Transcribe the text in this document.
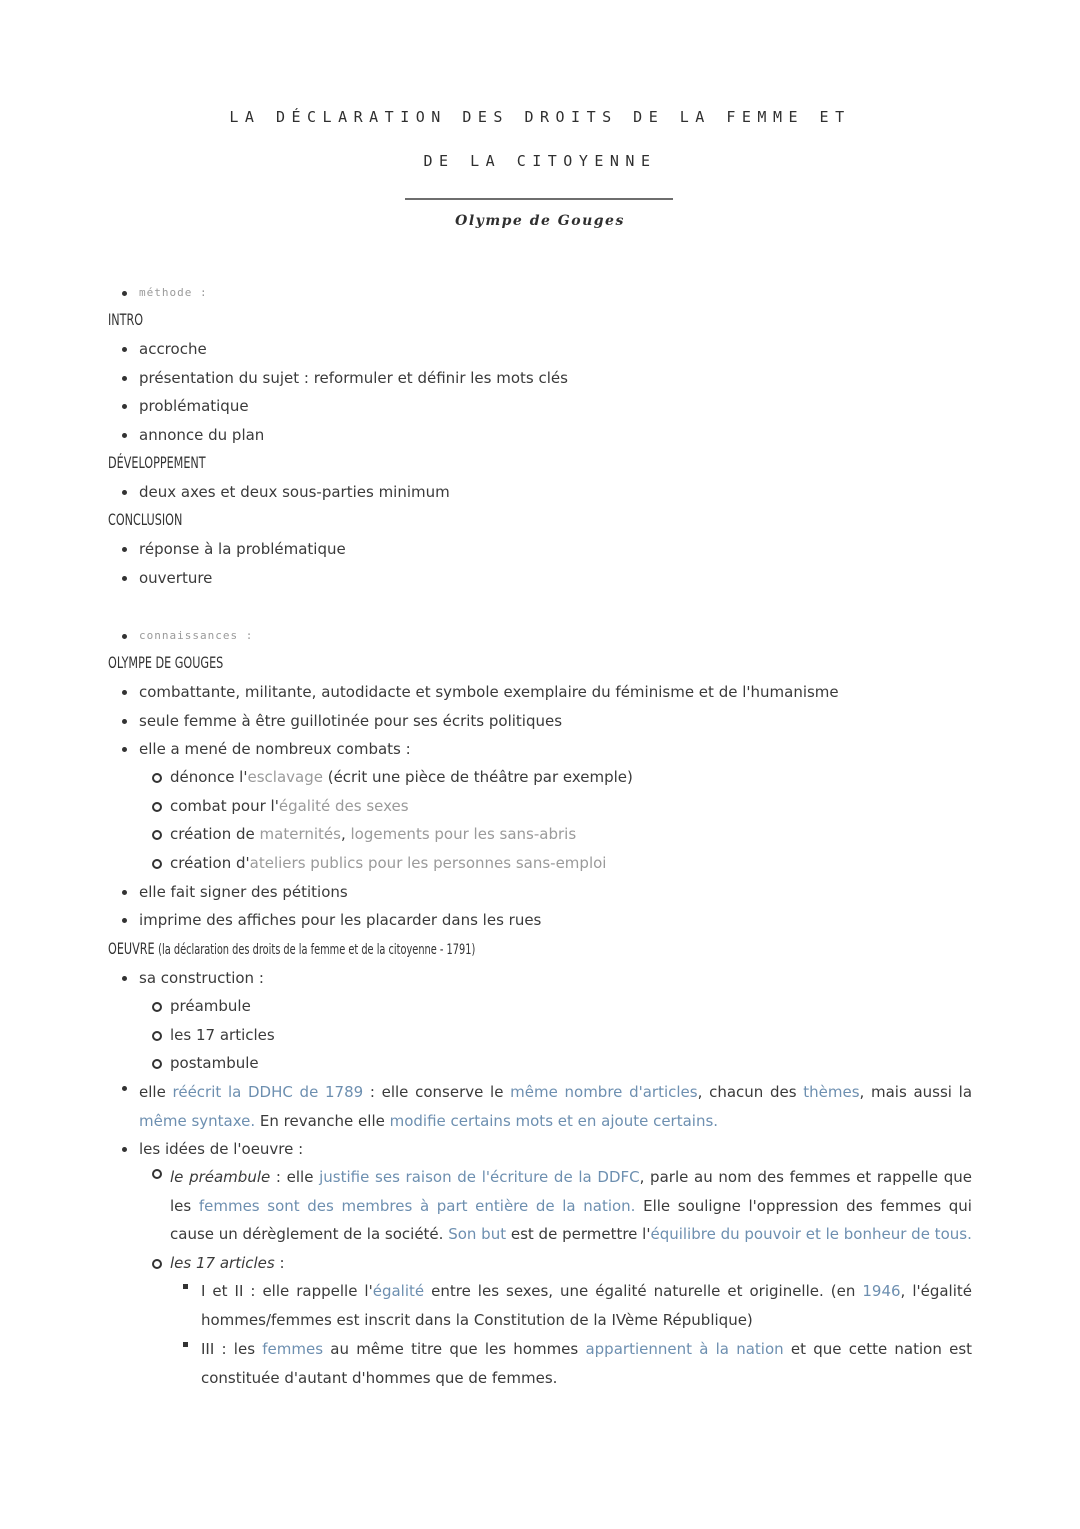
LA DÉCLARATION DES DROITS DE LA FEMME ET
DE LA CITOYENNE
Olympe de Gouges
méthode :
INTRO
accroche
présentation du sujet : reformuler et définir les mots clés
problématique
annonce du plan
DÉVELOPPEMENT
deux axes et deux sous-parties minimum
CONCLUSION
réponse à la problématique
ouverture
connaissances :
OLYMPE DE GOUGES
combattante, militante, autodidacte et symbole exemplaire du féminisme et de l'humanisme
seule femme à être guillotinée pour ses écrits politiques
elle a mené de nombreux combats :
dénonce l'esclavage (écrit une pièce de théâtre par exemple)
combat pour l'égalité des sexes
création de maternités, logements pour les sans-abris
création d'ateliers publics pour les personnes sans-emploi
elle fait signer des pétitions
imprime des affiches pour les placarder dans les rues
OEUVRE (la déclaration des droits de la femme et de la citoyenne - 1791)
sa construction :
préambule
les 17 articles
postambule
elle réécrit la DDHC de 1789 : elle conserve le même nombre d'articles, chacun des thèmes, mais aussi la même syntaxe. En revanche elle modifie certains mots et en ajoute certains.
les idées de l'oeuvre :
le préambule : elle justifie ses raison de l'écriture de la DDFC, parle au nom des femmes et rappelle que les femmes sont des membres à part entière de la nation. Elle souligne l'oppression des femmes qui cause un dérèglement de la société. Son but est de permettre l'équilibre du pouvoir et le bonheur de tous.
les 17 articles :
I et II : elle rappelle l'égalité entre les sexes, une égalité naturelle et originelle. (en 1946, l'égalité hommes/femmes est inscrit dans la Constitution de la IVème République)
III : les femmes au même titre que les hommes appartiennent à la nation et que cette nation est constituée d'autant d'hommes que de femmes.
